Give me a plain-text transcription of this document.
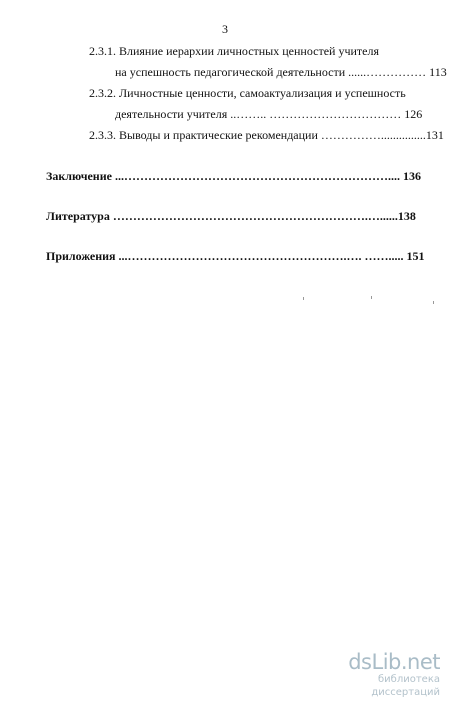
3
2.3.1. Влияние иерархии личностных ценностей учителя
на успешность педагогической деятельности ......…………… 113
2.3.2. Личностные ценности, самоактуализация и успешность
деятельности учителя ..…….. …………………………… 126
2.3.3. Выводы и практические рекомендации ……………...............131
Заключение ...………………………………………………………….... 136
Литература ……………………………………………………….…......138
Приложения ...……………………………………………….…. ……..... 151
dsLib.net
библиотека диссертаций
